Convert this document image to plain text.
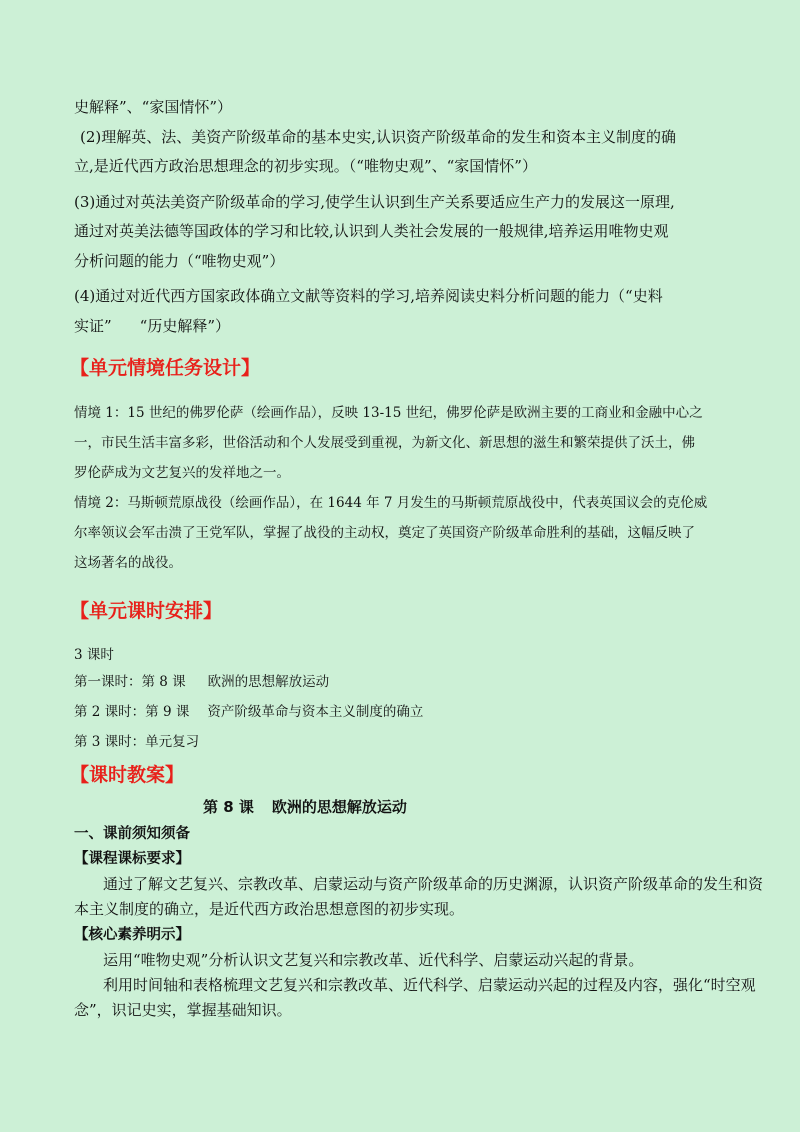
史解释”、“家国情怀”）
(2)理解英、法、美资产阶级革命的基本史实,认识资产阶级革命的发生和资本主义制度的确
立,是近代西方政治思想理念的初步实现。（“唯物史观”、“家国情怀”）
(3)通过对英法美资产阶级革命的学习,使学生认识到生产关系要适应生产力的发展这一原理,
通过对英美法德等国政体的学习和比较,认识到人类社会发展的一般规律,培养运用唯物史观
分析问题的能力（“唯物史观”）
(4)通过对近代西方国家政体确立文献等资料的学习,培养阅读史料分析问题的能力（“史料
实证” “历史解释”）
【单元情境任务设计】
情境 1：15 世纪的佛罗伦萨（绘画作品），反映 13-15 世纪，佛罗伦萨是欧洲主要的工商业和金融中心之
一，市民生活丰富多彩，世俗活动和个人发展受到重视，为新文化、新思想的滋生和繁荣提供了沃土，佛
罗伦萨成为文艺复兴的发祥地之一。
情境 2：马斯顿荒原战役（绘画作品），在 1644 年 7 月发生的马斯顿荒原战役中，代表英国议会的克伦威
尔率领议会军击溃了王党军队，掌握了战役的主动权，奠定了英国资产阶级革命胜利的基础，这幅反映了
这场著名的战役。
【单元课时安排】
3 课时
第一课时：第 8 课 欧洲的思想解放运动
第 2 课时：第 9 课 资产阶级革命与资本主义制度的确立
第 3 课时：单元复习
【课时教案】
第 8 课 欧洲的思想解放运动
一、课前须知须备
【课程课标要求】
通过了解文艺复兴、宗教改革、启蒙运动与资产阶级革命的历史渊源，认识资产阶级革命的发生和资
本主义制度的确立，是近代西方政治思想意图的初步实现。
【核心素养明示】
运用“唯物史观”分析认识文艺复兴和宗教改革、近代科学、启蒙运动兴起的背景。
利用时间轴和表格梳理文艺复兴和宗教改革、近代科学、启蒙运动兴起的过程及内容，强化“时空观
念”，识记史实，掌握基础知识。
